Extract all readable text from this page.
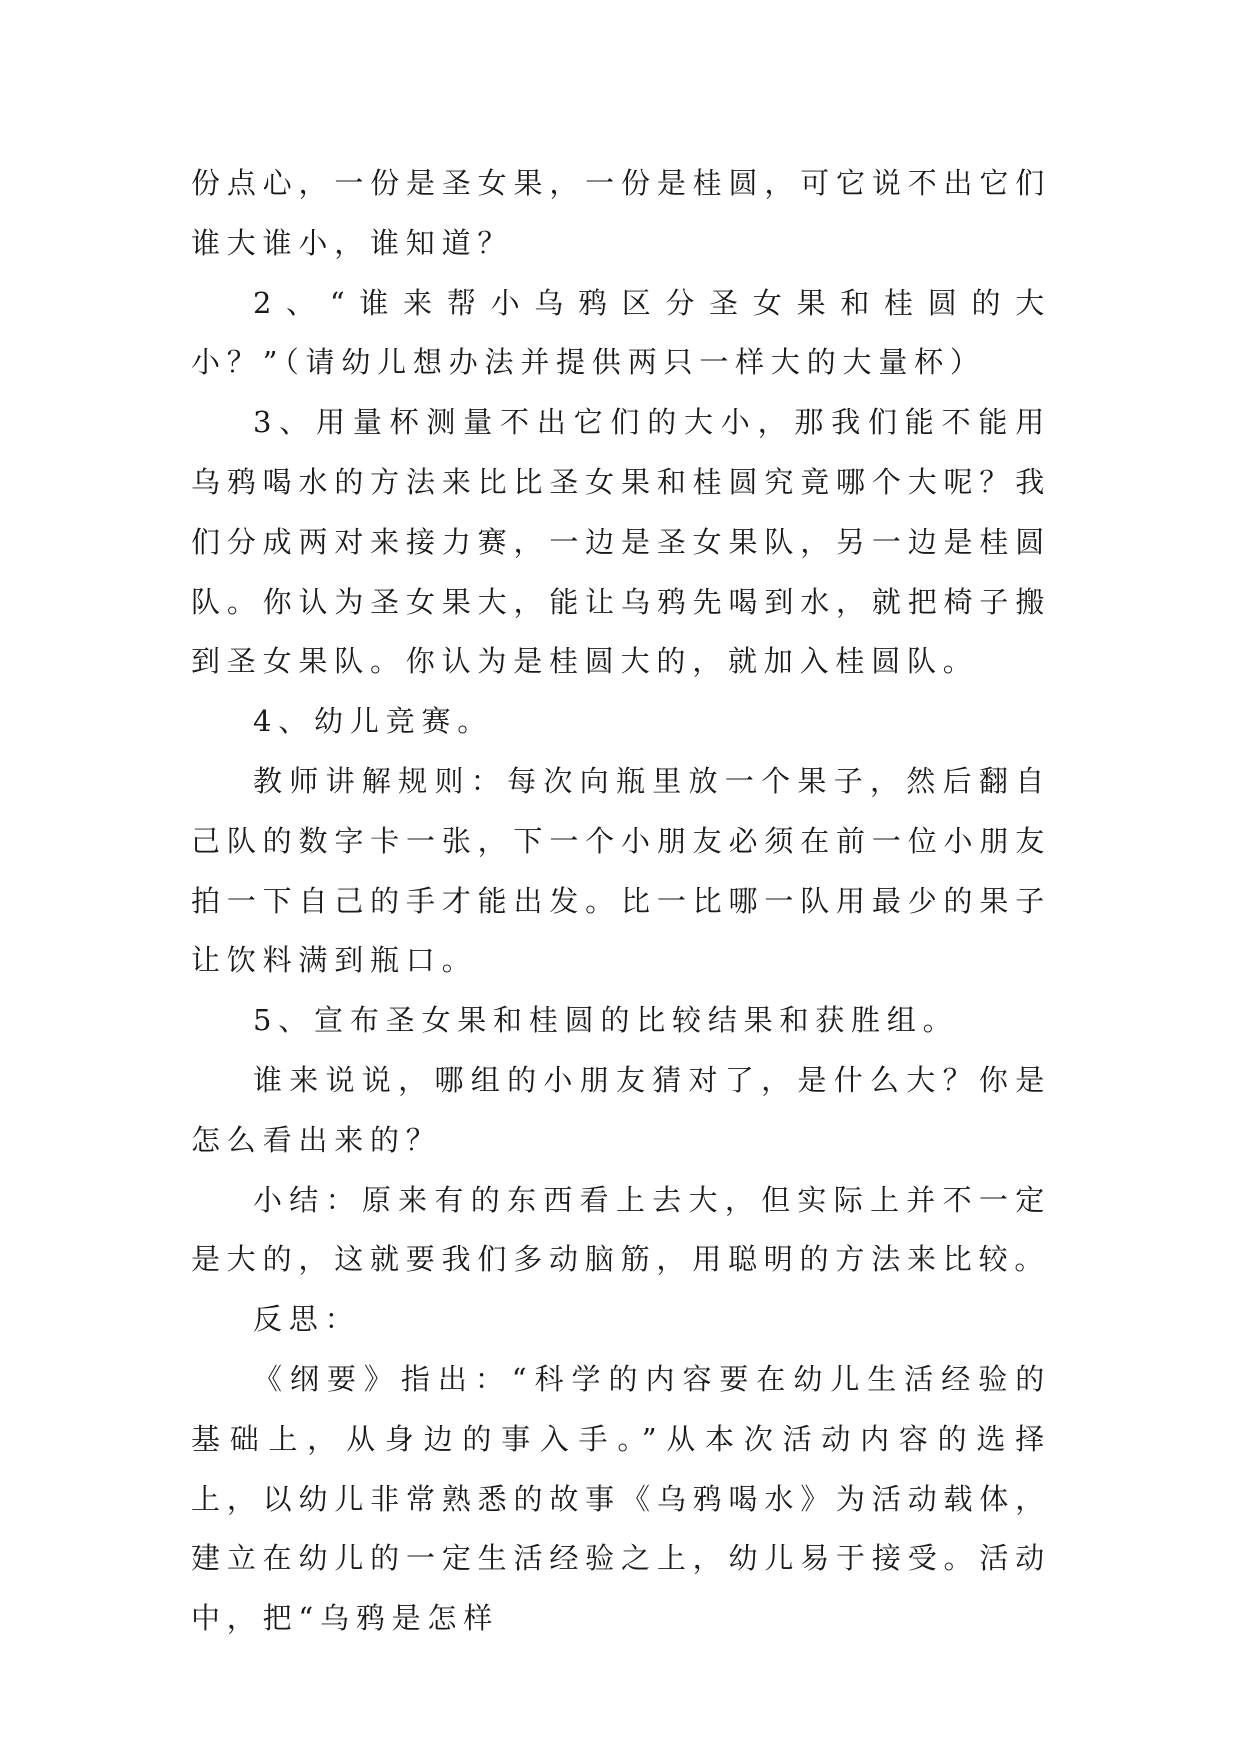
份点心，一份是圣女果，一份是桂圆，可它说不出它们谁大谁小，谁知道？

2、“谁来帮小乌鸦区分圣女果和桂圆的大小？”（请幼儿想办法并提供两只一样大的大量杯）

3、用量杯测量不出它们的大小，那我们能不能用乌鸦喝水的方法来比比圣女果和桂圆究竟哪个大呢？我们分成两对来接力赛，一边是圣女果队，另一边是桂圆队。你认为圣女果大，能让乌鸦先喝到水，就把椅子搬到圣女果队。你认为是桂圆大的，就加入桂圆队。

4、幼儿竞赛。

教师讲解规则：每次向瓶里放一个果子，然后翻自己队的数字卡一张，下一个小朋友必须在前一位小朋友拍一下自己的手才能出发。比一比哪一队用最少的果子让饮料满到瓶口。

5、宣布圣女果和桂圆的比较结果和获胜组。

谁来说说，哪组的小朋友猜对了，是什么大？你是怎么看出来的？

小结：原来有的东西看上去大，但实际上并不一定是大的，这就要我们多动脑筋，用聪明的方法来比较。

反思：

《纲要》指出：“科学的内容要在幼儿生活经验的基础上，从身边的事入手。”从本次活动内容的选择上，以幼儿非常熟悉的故事《乌鸦喝水》为活动载体，建立在幼儿的一定生活经验之上，幼儿易于接受。活动中，把“乌鸦是怎样
